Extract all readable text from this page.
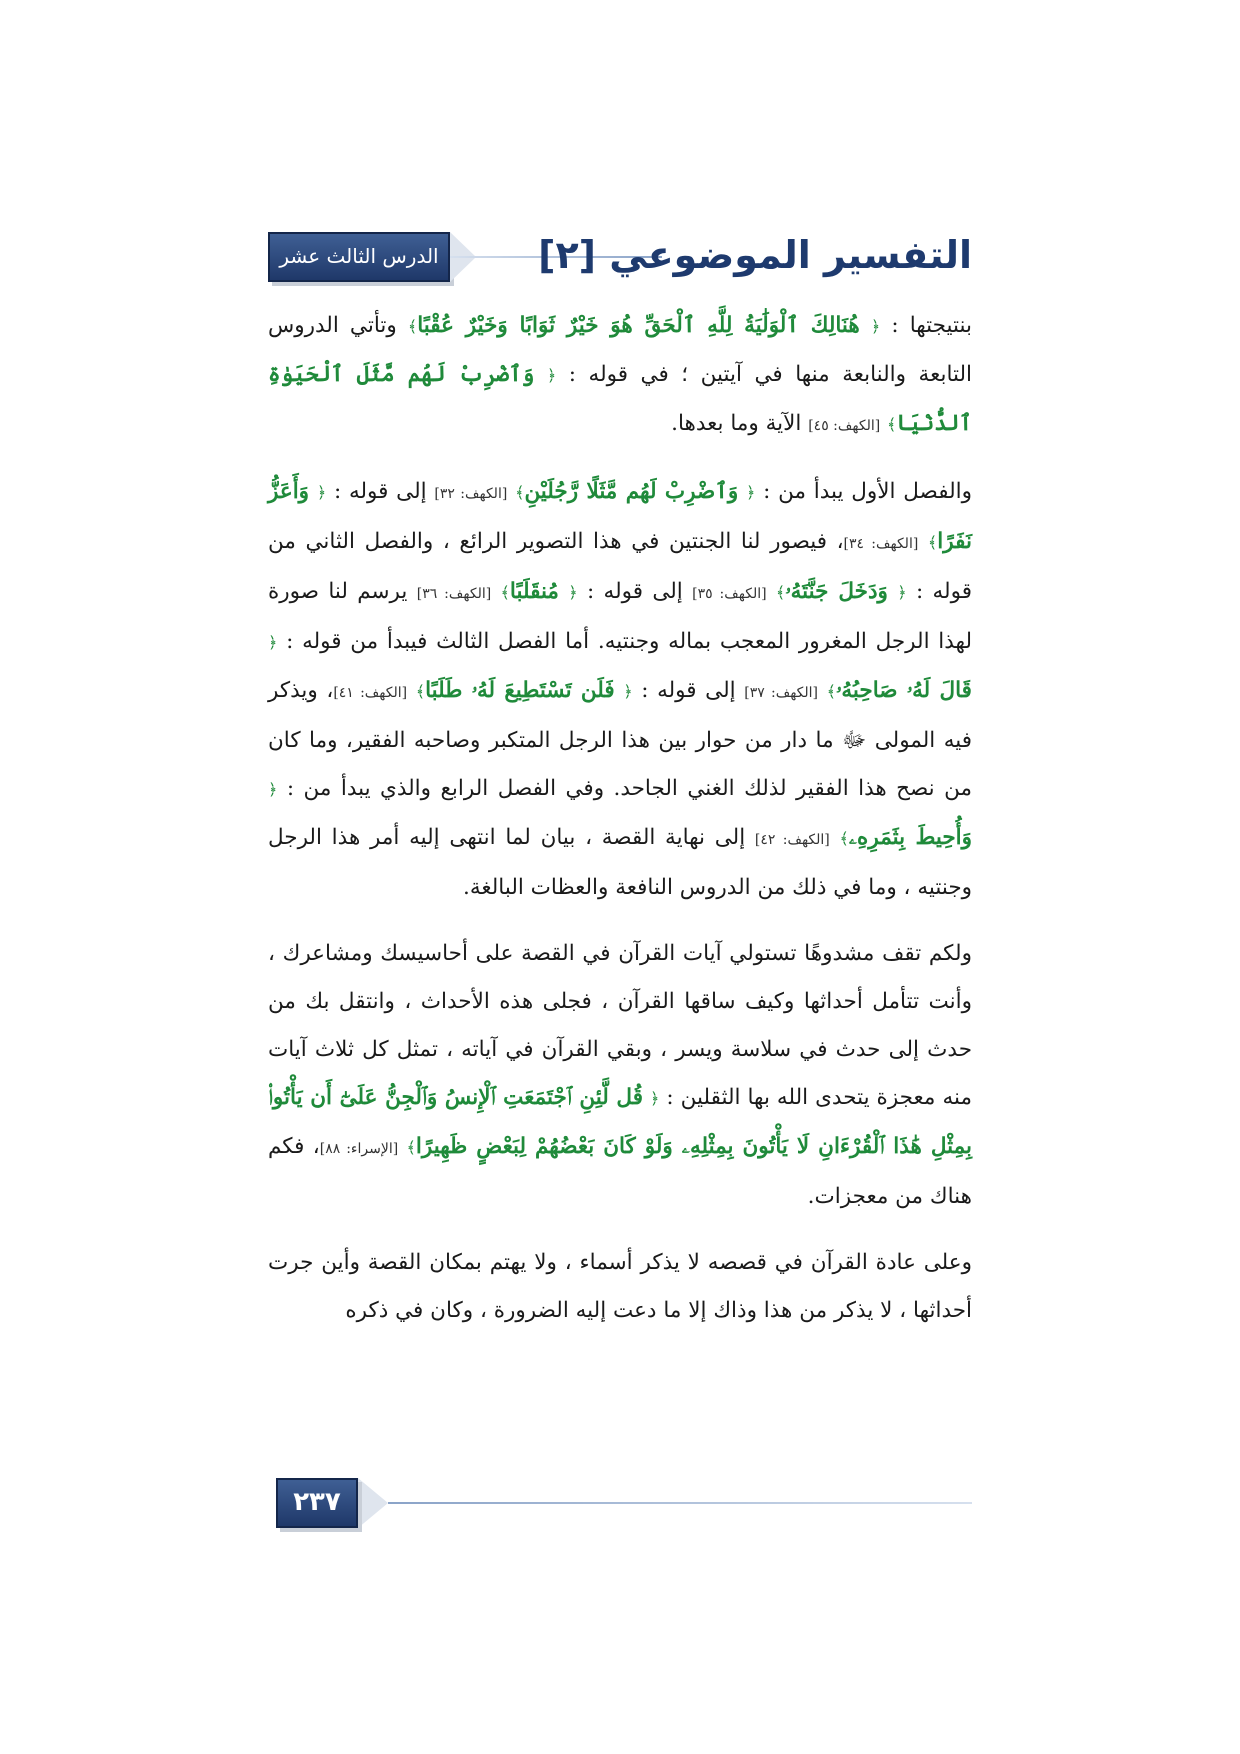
الدرس الثالث عشر	التفسير الموضوعي [٢]

بنتيجتها : ﴿ هُنَالِكَ ٱلْوَلَٰيَةُ لِلَّهِ ٱلْحَقِّ هُوَ خَيْرٌ ثَوَابًا وَخَيْرٌ عُقْبًا﴾ وتأتي الدروس التابعة والنابعة منها في آيتين ؛ في قوله : ﴿ وَٱضْرِبْ لَهُم مَّثَلَ ٱلْحَيَوٰةِ ٱلدُّنْيَا﴾ [الكهف: ٤٥] الآية وما بعدها.

والفصل الأول يبدأ من : ﴿ وَٱضْرِبْ لَهُم مَّثَلًا رَّجُلَيْنِ﴾ [الكهف: ٣٢] إلى قوله : ﴿ وَأَعَزُّ نَفَرًا﴾ [الكهف: ٣٤]، فيصور لنا الجنتين في هذا التصوير الرائع ، والفصل الثاني من قوله : ﴿ وَدَخَلَ جَنَّتَهُۥ﴾ [الكهف: ٣٥] إلى قوله : ﴿ مُنقَلَبًا﴾ [الكهف: ٣٦] يرسم لنا صورة لهذا الرجل المغرور المعجب بماله وجنتيه. أما الفصل الثالث فيبدأ من قوله : ﴿ قَالَ لَهُۥ صَاحِبُهُۥ﴾ [الكهف: ٣٧] إلى قوله : ﴿ فَلَن تَسْتَطِيعَ لَهُۥ طَلَبًا﴾ [الكهف: ٤١]، ويذكر فيه المولى ﷻ ما دار من حوار بين هذا الرجل المتكبر وصاحبه الفقير، وما كان من نصح هذا الفقير لذلك الغني الجاحد. وفي الفصل الرابع والذي يبدأ من : ﴿ وَأُحِيطَ بِثَمَرِهِۦ﴾ [الكهف: ٤٢] إلى نهاية القصة ، بيان لما انتهى إليه أمر هذا الرجل وجنتيه ، وما في ذلك من الدروس النافعة والعظات البالغة.

ولكم تقف مشدوهًا تستولي آيات القرآن في القصة على أحاسيسك ومشاعرك ، وأنت تتأمل أحداثها وكيف ساقها القرآن ، فجلى هذه الأحداث ، وانتقل بك من حدث إلى حدث في سلاسة ويسر ، وبقي القرآن في آياته ، تمثل كل ثلاث آيات منه معجزة يتحدى الله بها الثقلين : ﴿ قُل لَّئِنِ ٱجْتَمَعَتِ ٱلْإِنسُ وَٱلْجِنُّ عَلَىٰٓ أَن يَأْتُوا۟ بِمِثْلِ هَٰذَا ٱلْقُرْءَانِ لَا يَأْتُونَ بِمِثْلِهِۦ وَلَوْ كَانَ بَعْضُهُمْ لِبَعْضٍ ظَهِيرًا﴾ [الإسراء: ٨٨]، فكم هناك من معجزات.

وعلى عادة القرآن في قصصه لا يذكر أسماء ، ولا يهتم بمكان القصة وأين جرت أحداثها ، لا يذكر من هذا وذاك إلا ما دعت إليه الضرورة ، وكان في ذكره

٢٣٧
